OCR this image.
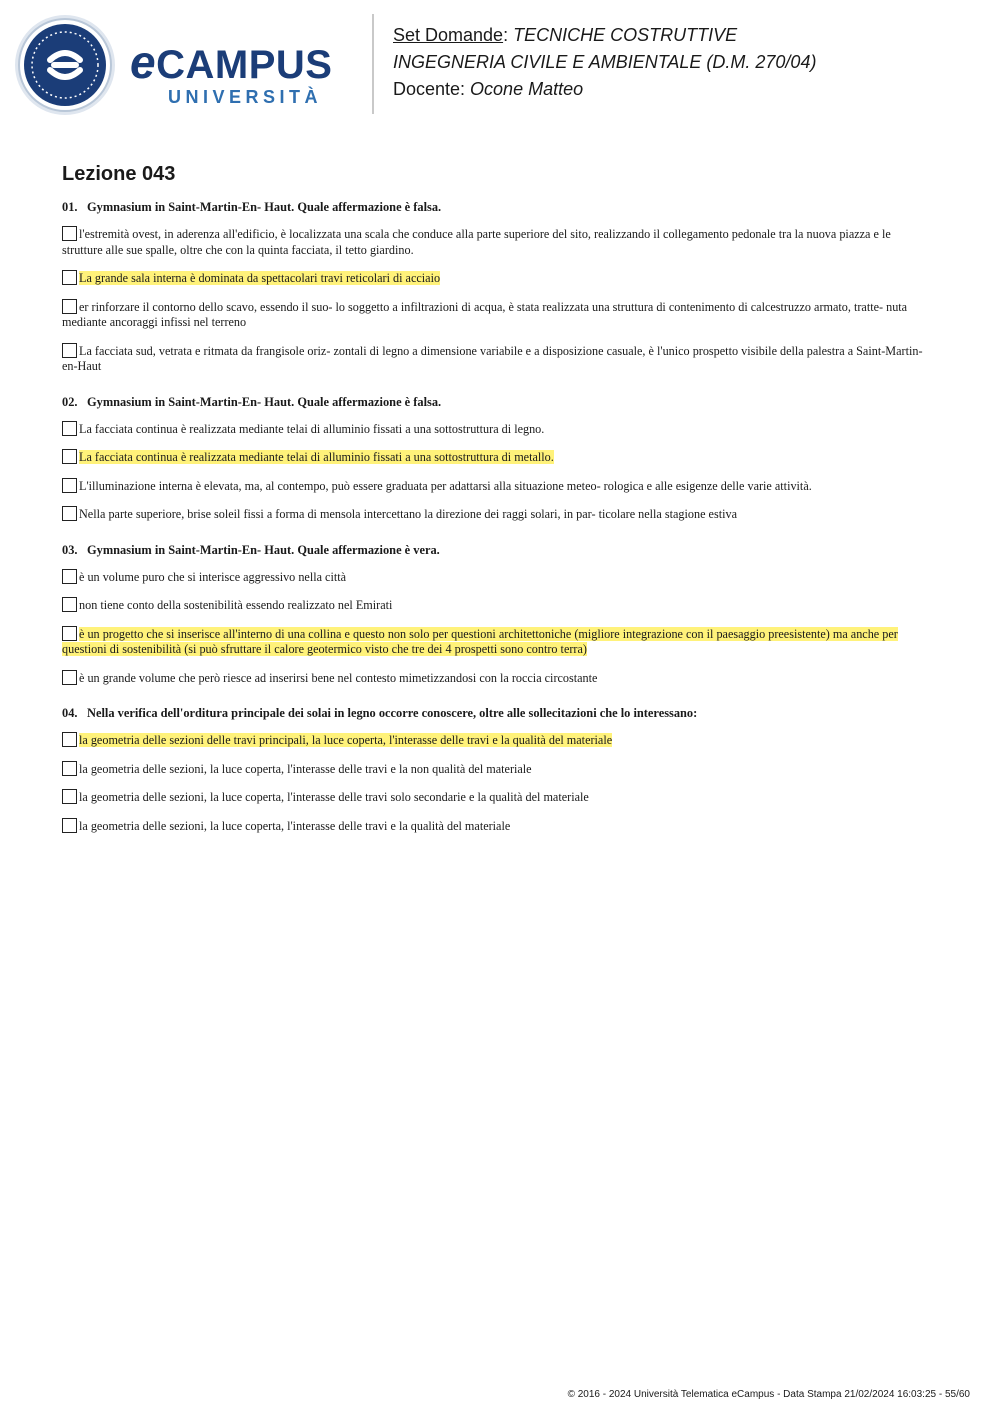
eCAMPUS
UNIVERSITÀ
Set Domande: TECNICHE COSTRUTTIVE
INGEGNERIA CIVILE E AMBIENTALE (D.M. 270/04)
Docente: Ocone Matteo
Lezione 043
01. Gymnasium in Saint-Martin-En- Haut. Quale affermazione è falsa.
l'estremità ovest, in aderenza all'edificio, è localizzata una scala che conduce alla parte superiore del sito, realizzando il collegamento pedonale tra la nuova piazza e le strutture alle sue spalle, oltre che con la quinta facciata, il tetto giardino.
La grande sala interna è dominata da spettacolari travi reticolari di acciaio
er rinforzare il contorno dello scavo, essendo il suo- lo soggetto a infiltrazioni di acqua, è stata realizzata una struttura di contenimento di calcestruzzo armato, tratte- nuta mediante ancoraggi infissi nel terreno
La facciata sud, vetrata e ritmata da frangisole oriz- zontali di legno a dimensione variabile e a disposizione casuale, è l'unico prospetto visibile della palestra a Saint-Martin-en-Haut
02. Gymnasium in Saint-Martin-En- Haut. Quale affermazione è falsa.
La facciata continua è realizzata mediante telai di alluminio fissati a una sottostruttura di legno.
La facciata continua è realizzata mediante telai di alluminio fissati a una sottostruttura di metallo.
L'illuminazione interna è elevata, ma, al contempo, può essere graduata per adattarsi alla situazione meteo- rologica e alle esigenze delle varie attività.
Nella parte superiore, brise soleil fissi a forma di mensola intercettano la direzione dei raggi solari, in par- ticolare nella stagione estiva
03. Gymnasium in Saint-Martin-En- Haut. Quale affermazione è vera.
è un volume puro che si interisce aggressivo nella città
non tiene conto della sostenibilità essendo realizzato nel Emirati
è un progetto che si inserisce all'interno di una collina e questo non solo per questioni architettoniche (migliore integrazione con il paesaggio preesistente) ma anche per questioni di sostenibilità (si può sfruttare il calore geotermico visto che tre dei 4 prospetti sono contro terra)
è un grande volume che però riesce ad inserirsi bene nel contesto mimetizzandosi con la roccia circostante
04. Nella verifica dell'orditura principale dei solai in legno occorre conoscere, oltre alle sollecitazioni che lo interessano:
la geometria delle sezioni delle travi principali, la luce coperta, l'interasse delle travi e la qualità del materiale
la geometria delle sezioni, la luce coperta, l'interasse delle travi e la non qualità del materiale
la geometria delle sezioni, la luce coperta, l'interasse delle travi solo secondarie e la qualità del materiale
la geometria delle sezioni, la luce coperta, l'interasse delle travi e la qualità del materiale
© 2016 - 2024 Università Telematica eCampus - Data Stampa 21/02/2024 16:03:25 - 55/60
